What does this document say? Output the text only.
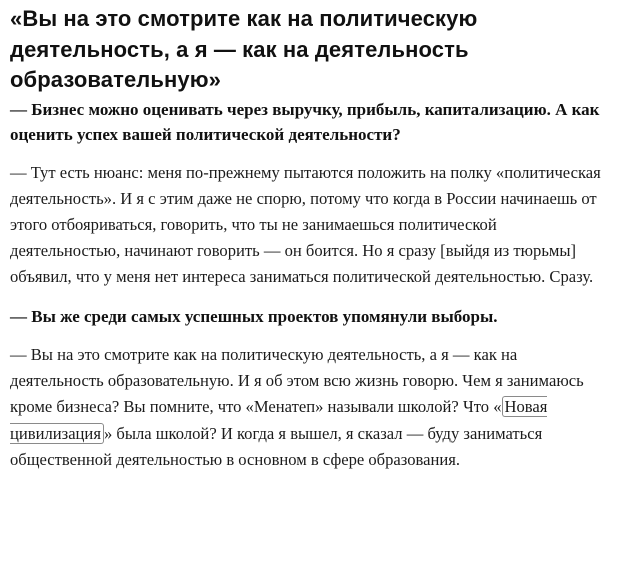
«Вы на это смотрите как на политическую деятельность, а я — как на деятельность образовательную»

— Бизнес можно оценивать через выручку, прибыль, капитализацию. А как оценить успех вашей политической деятельности?

— Тут есть нюанс: меня по-прежнему пытаются положить на полку «политическая деятельность». И я с этим даже не спорю, потому что когда в России начинаешь от этого отбояриваться, говорить, что ты не занимаешься политической деятельностью, начинают говорить — он боится. Но я сразу [выйдя из тюрьмы] объявил, что у меня нет интереса заниматься политической деятельностью. Сразу.

— Вы же среди самых успешных проектов упомянули выборы.

— Вы на это смотрите как на политическую деятельность, а я — как на деятельность образовательную. И я об этом всю жизнь говорю. Чем я занимаюсь кроме бизнеса? Вы помните, что «Менатеп» называли школой? Что « Новая цивилизация » была школой? И когда я вышел, я сказал — буду заниматься общественной деятельностью в основном в сфере образования.
